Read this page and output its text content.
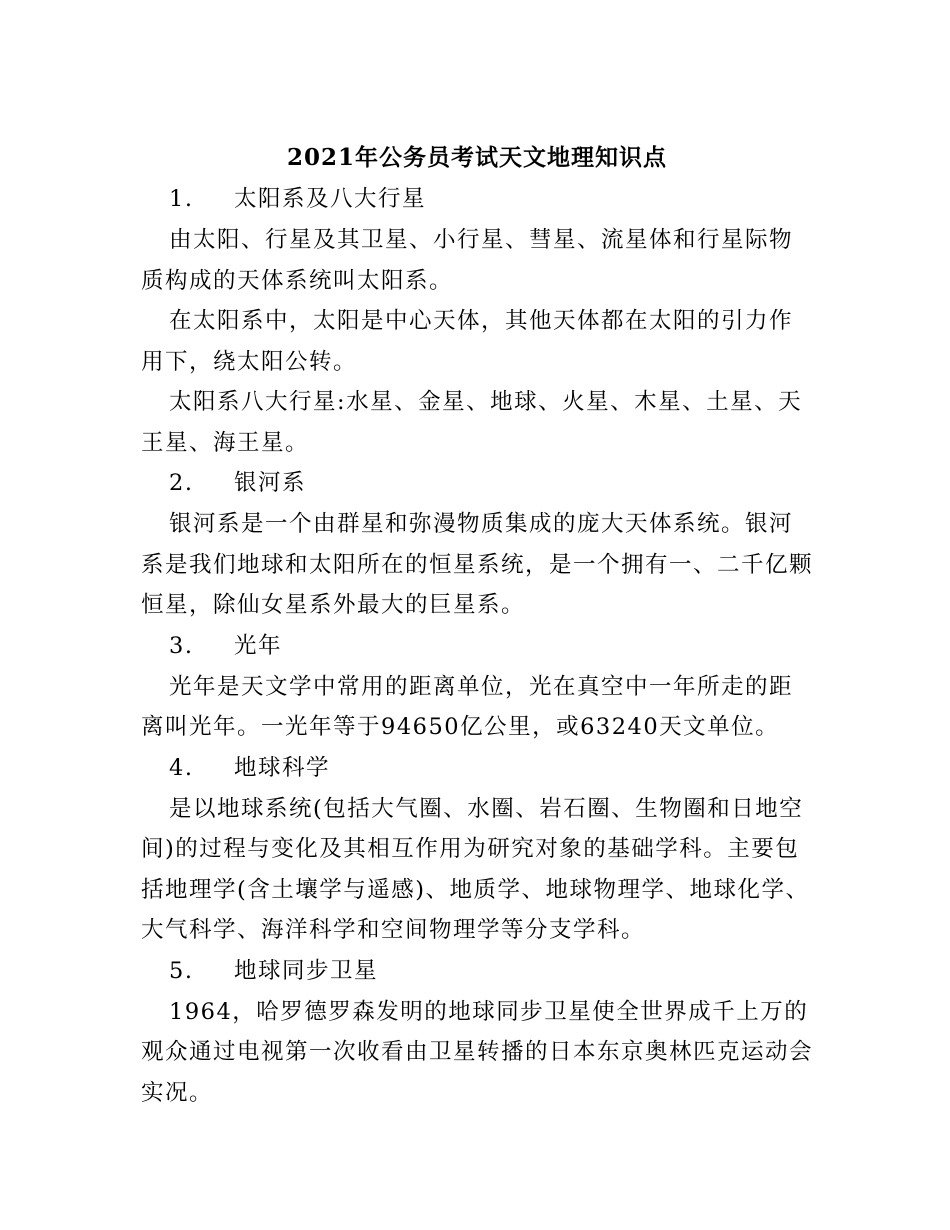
2021年公务员考试天文地理知识点
1. 太阳系及八大行星

由太阳、行星及其卫星、小行星、彗星、流星体和行星际物质构成的天体系统叫太阳系。

在太阳系中，太阳是中心天体，其他天体都在太阳的引力作用下，绕太阳公转。

太阳系八大行星:水星、金星、地球、火星、木星、土星、天王星、海王星。

2. 银河系

银河系是一个由群星和弥漫物质集成的庞大天体系统。银河系是我们地球和太阳所在的恒星系统，是一个拥有一、二千亿颗恒星，除仙女星系外最大的巨星系。

3. 光年

光年是天文学中常用的距离单位，光在真空中一年所走的距离叫光年。一光年等于94650亿公里，或63240天文单位。

4. 地球科学

是以地球系统(包括大气圈、水圈、岩石圈、生物圈和日地空间)的过程与变化及其相互作用为研究对象的基础学科。主要包括地理学(含土壤学与遥感)、地质学、地球物理学、地球化学、大气科学、海洋科学和空间物理学等分支学科。

5. 地球同步卫星

1964，哈罗德罗森发明的地球同步卫星使全世界成千上万的观众通过电视第一次收看由卫星转播的日本东京奥林匹克运动会实况。
